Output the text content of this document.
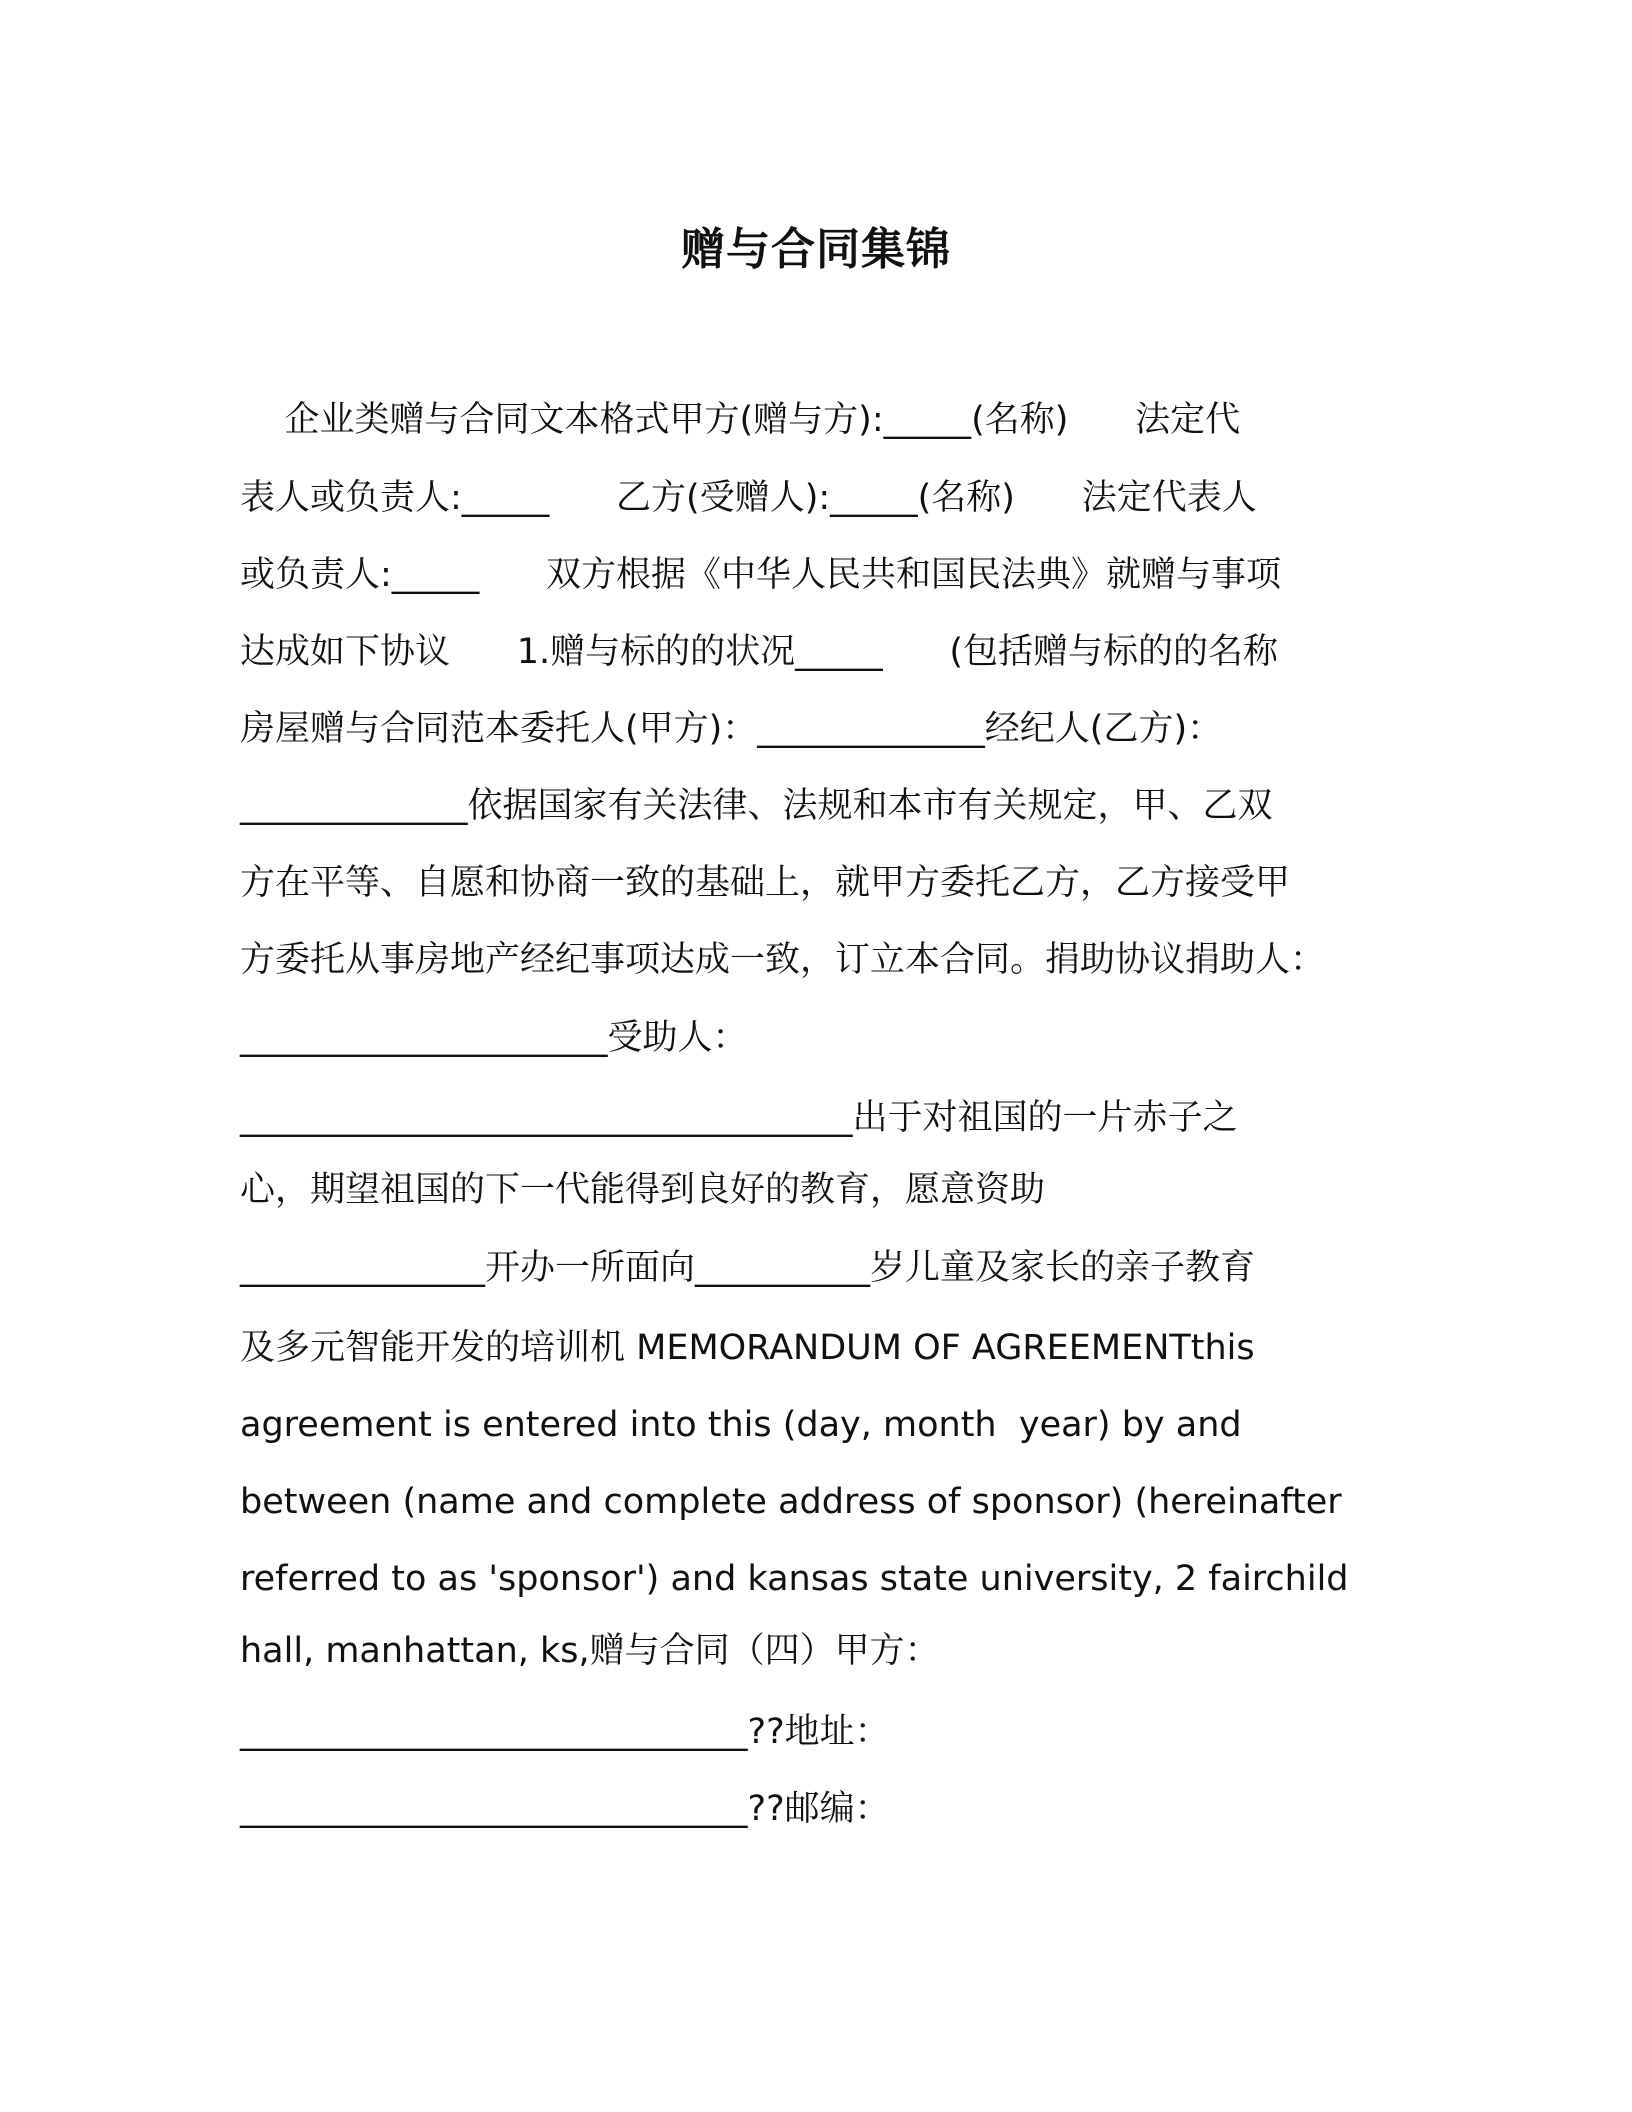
赠与合同集锦
企业类赠与合同文本格式甲方(赠与方):_____(名称)      法定代
表人或负责人:_____      乙方(受赠人):_____(名称)      法定代表人
或负责人:_____      双方根据《中华人民共和国民法典》就赠与事项
达成如下协议      1.赠与标的的状况_____      (包括赠与标的的名称
房屋赠与合同范本委托人(甲方)：_____________经纪人(乙方)：
_____________依据国家有关法律、法规和本市有关规定，甲、乙双
方在平等、自愿和协商一致的基础上，就甲方委托乙方，乙方接受甲
方委托从事房地产经纪事项达成一致，订立本合同。捐助协议捐助人：
_____________________受助人：
___________________________________出于对祖国的一片赤子之
心，期望祖国的下一代能得到良好的教育，愿意资助
______________开办一所面向__________岁儿童及家长的亲子教育
及多元智能开发的培训机 MEMORANDUM OF AGREEMENTthis
agreement is entered into this (day, month  year) by and
between (name and complete address of sponsor) (hereinafter
referred to as 'sponsor') and kansas state university, 2 fairchild
hall, manhattan, ks,赠与合同（四）甲方：
_____________________________??地址：
_____________________________??邮编：
